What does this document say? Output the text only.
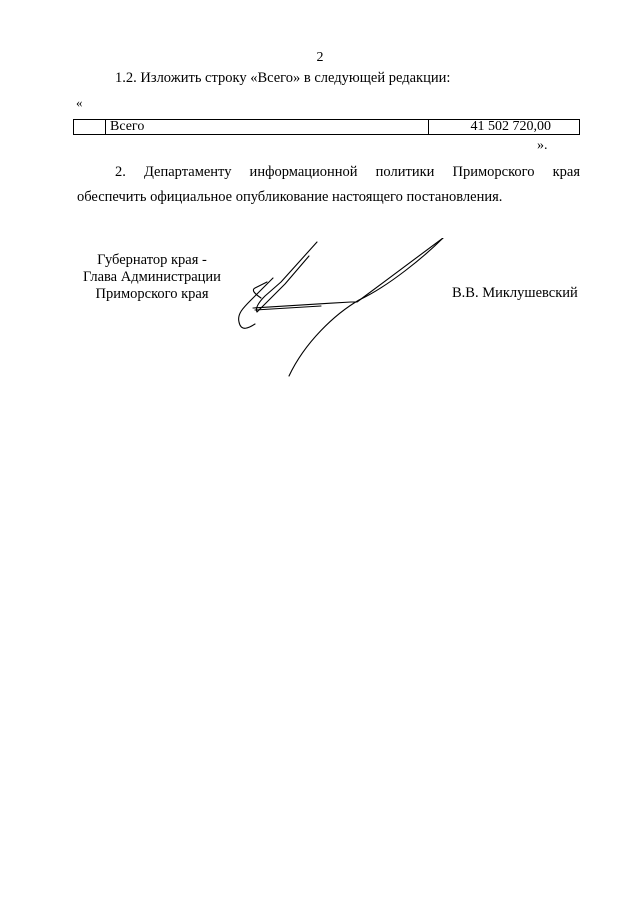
2
1.2. Изложить строку «Всего» в следующей редакции:
«
Всего	41 502 720,00
».
2. Департаменту информационной политики Приморского края
обеспечить официальное опубликование настоящего постановления.
Губернатор края -
Глава Администрации
Приморского края	В.В. Миклушевский
